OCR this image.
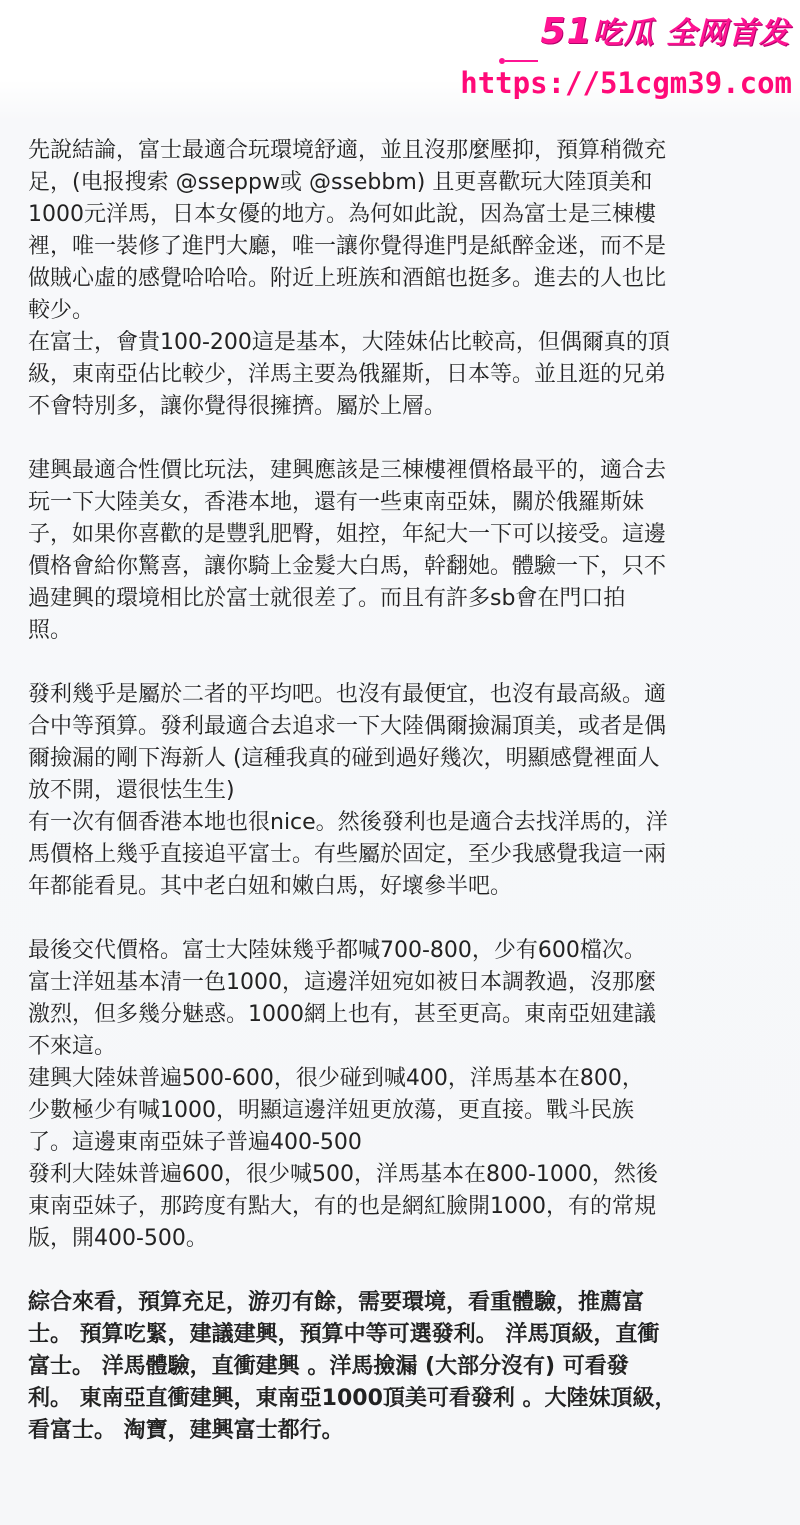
51吃瓜 全网首发
https://51cgm39.com
先說結論，富士最適合玩環境舒適，並且沒那麼壓抑，預算稍微充
足，(电报搜索 @sseppw或 @ssebbm) 且更喜歡玩大陸頂美和
1000元洋馬，日本女優的地方。為何如此說，因為富士是三棟樓
裡，唯一裝修了進門大廳，唯一讓你覺得進門是紙醉金迷，而不是
做賊心虛的感覺哈哈哈。附近上班族和酒館也挺多。進去的人也比
較少。
在富士，會貴100-200這是基本，大陸妹佔比較高，但偶爾真的頂
級，東南亞佔比較少，洋馬主要為俄羅斯，日本等。並且逛的兄弟
不會特別多，讓你覺得很擁擠。屬於上層。
建興最適合性價比玩法，建興應該是三棟樓裡價格最平的，適合去
玩一下大陸美女，香港本地，還有一些東南亞妹，關於俄羅斯妹
子，如果你喜歡的是豐乳肥臀，姐控，年紀大一下可以接受。這邊
價格會給你驚喜，讓你騎上金髮大白馬，幹翻她。體驗一下，只不
過建興的環境相比於富士就很差了。而且有許多sb會在門口拍
照。
發利幾乎是屬於二者的平均吧。也沒有最便宜，也沒有最高級。適
合中等預算。發利最適合去追求一下大陸偶爾撿漏頂美，或者是偶
爾撿漏的剛下海新人 (這種我真的碰到過好幾次，明顯感覺裡面人
放不開，還很怯生生)
有一次有個香港本地也很nice。然後發利也是適合去找洋馬的，洋
馬價格上幾乎直接追平富士。有些屬於固定，至少我感覺我這一兩
年都能看見。其中老白妞和嫩白馬，好壞參半吧。
最後交代價格。富士大陸妹幾乎都喊700-800，少有600檔次。
富士洋妞基本清一色1000，這邊洋妞宛如被日本調教過，沒那麼
激烈，但多幾分魅惑。1000網上也有，甚至更高。東南亞妞建議
不來這。
建興大陸妹普遍500-600，很少碰到喊400，洋馬基本在800，
少數極少有喊1000，明顯這邊洋妞更放蕩，更直接。戰斗民族
了。這邊東南亞妹子普遍400-500
發利大陸妹普遍600，很少喊500，洋馬基本在800-1000，然後
東南亞妹子，那跨度有點大，有的也是網紅臉開1000，有的常規
版，開400-500。
綜合來看，預算充足，游刃有餘，需要環境，看重體驗，推薦富
士。 預算吃緊，建議建興，預算中等可選發利。 洋馬頂級，直衝
富士。 洋馬體驗，直衝建興 。洋馬撿漏 (大部分沒有) 可看發
利。 東南亞直衝建興，東南亞1000頂美可看發利 。大陸妹頂級，
看富士。 淘寶，建興富士都行。
